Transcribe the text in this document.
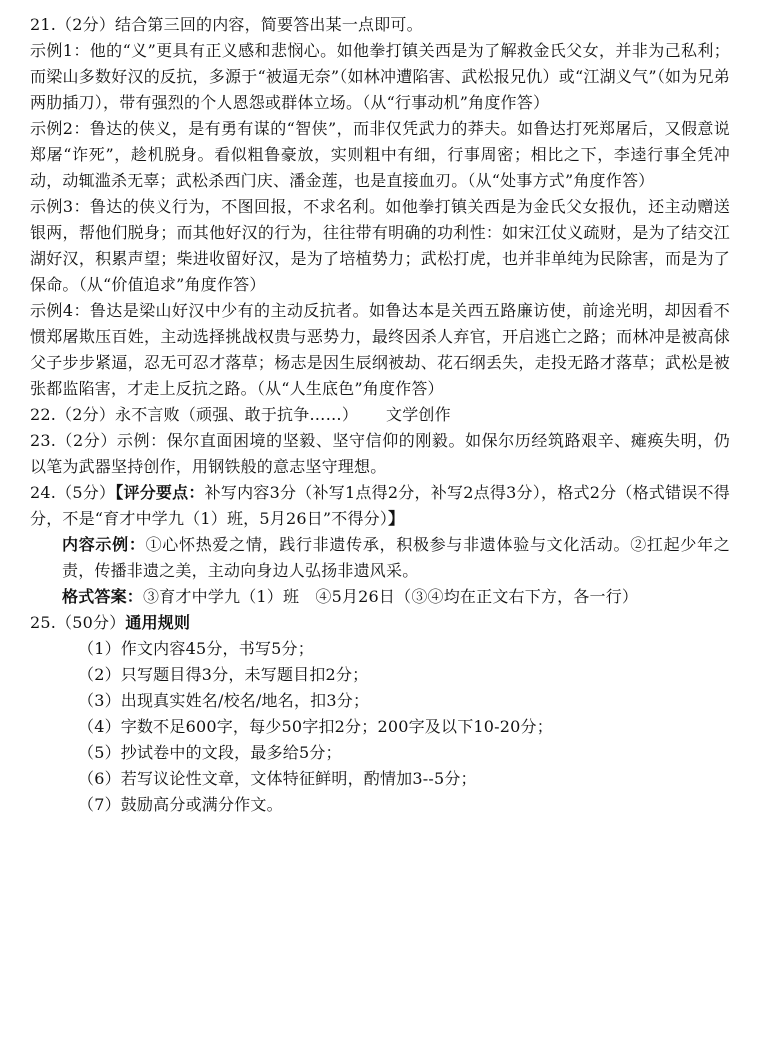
21.（2分）结合第三回的内容，简要答出某一点即可。

示例1：他的“义”更具有正义感和悲悯心。如他拳打镇关西是为了解救金氏父女，并非为己私利；而梁山多数好汉的反抗，多源于“被逼无奈”（如林冲遭陷害、武松报兄仇）或“江湖义气”（如为兄弟两肋插刀），带有强烈的个人恩怨或群体立场。（从“行事动机”角度作答）

示例2：鲁达的侠义，是有勇有谋的“智侠”，而非仅凭武力的莽夫。如鲁达打死郑屠后，又假意说郑屠“诈死”，趁机脱身。看似粗鲁豪放，实则粗中有细，行事周密；相比之下，李逵行事全凭冲动，动辄滥杀无辜；武松杀西门庆、潘金莲，也是直接血刃。（从“处事方式”角度作答）

示例3：鲁达的侠义行为，不图回报，不求名利。如他拳打镇关西是为金氏父女报仇，还主动赠送银两，帮他们脱身；而其他好汉的行为，往往带有明确的功利性：如宋江仗义疏财，是为了结交江湖好汉，积累声望；柴进收留好汉，是为了培植势力；武松打虎，也并非单纯为民除害，而是为了保命。（从“价值追求”角度作答）

示例4：鲁达是梁山好汉中少有的主动反抗者。如鲁达本是关西五路廉访使，前途光明，却因看不惯郑屠欺压百姓，主动选择挑战权贵与恶势力，最终因杀人弃官，开启逃亡之路；而林冲是被高俅父子步步紧逼，忍无可忍才落草；杨志是因生辰纲被劫、花石纲丢失，走投无路才落草；武松是被张都监陷害，才走上反抗之路。（从“人生底色”角度作答）

22.（2分）永不言败（顽强、敢于抗争……） 文学创作

23.（2分）示例：保尔直面困境的坚毅、坚守信仰的刚毅。如保尔历经筑路艰辛、瘫痪失明，仍以笔为武器坚持创作，用钢铁般的意志坚守理想。

24.（5分）【评分要点：补写内容3分（补写1点得2分，补写2点得3分），格式2分（格式错误不得分，不是“育才中学九（1）班，5月26日”不得分）】

内容示例：①心怀热爱之情，践行非遗传承，积极参与非遗体验与文化活动。②扛起少年之责，传播非遗之美，主动向身边人弘扬非遗风采。

格式答案：③育才中学九（1）班　④5月26日（③④均在正文右下方，各一行）

25.（50分）通用规则

（1）作文内容45分，书写5分；

（2）只写题目得3分，未写题目扣2分；

（3）出现真实姓名/校名/地名，扣3分；

（4）字数不足600字，每少50字扣2分；200字及以下10-20分；

（5）抄试卷中的文段，最多给5分；

（6）若写议论性文章，文体特征鲜明，酌情加3--5分；

（7）鼓励高分或满分作文。
